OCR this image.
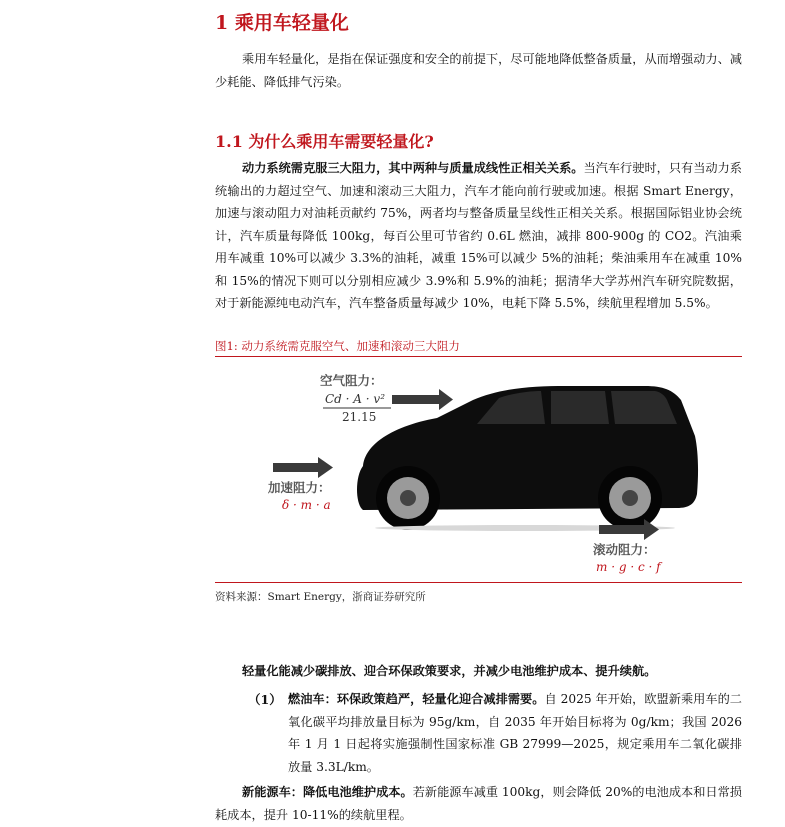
1 乘用车轻量化

乘用车轻量化，是指在保证强度和安全的前提下，尽可能地降低整备质量，从而增强动力、减少耗能、降低排气污染。

1.1 为什么乘用车需要轻量化?

动力系统需克服三大阻力，其中两种与质量成线性正相关关系。当汽车行驶时，只有当动力系统输出的力超过空气、加速和滚动三大阻力，汽车才能向前行驶或加速。根据 Smart Energy，加速与滚动阻力对油耗贡献约 75%，两者均与整备质量呈线性正相关关系。根据国际铝业协会统计，汽车质量每降低 100kg，每百公里可节省约 0.6L 燃油，减排 800-900g 的 CO2。汽油乘用车减重 10%可以减少 3.3%的油耗，减重 15%可以减少 5%的油耗；柴油乘用车在减重 10%和 15%的情况下则可以分别相应减少 3.9%和 5.9%的油耗；据清华大学苏州汽车研究院数据，对于新能源纯电动汽车，汽车整备质量每减少 10%，电耗下降 5.5%，续航里程增加 5.5%。

图1: 动力系统需克服空气、加速和滚动三大阻力
空气阻力：
Cd · A · v²
21.15
加速阻力：
δ · m · a
滚动阻力：
m · g · c · f
资料来源：Smart Energy，浙商证券研究所

轻量化能减少碳排放、迎合环保政策要求，并减少电池维护成本、提升续航。

（1） 燃油车：环保政策趋严，轻量化迎合减排需要。自 2025 年开始，欧盟新乘用车的二氧化碳平均排放量目标为 95g/km，自 2035 年开始目标将为 0g/km；我国 2026 年 1 月 1 日起将实施强制性国家标准 GB 27999—2025，规定乘用车二氧化碳排放量 3.3L/km。

新能源车：降低电池维护成本。若新能源车减重 100kg，则会降低 20%的电池成本和日常损耗成本，提升 10-11%的续航里程。
